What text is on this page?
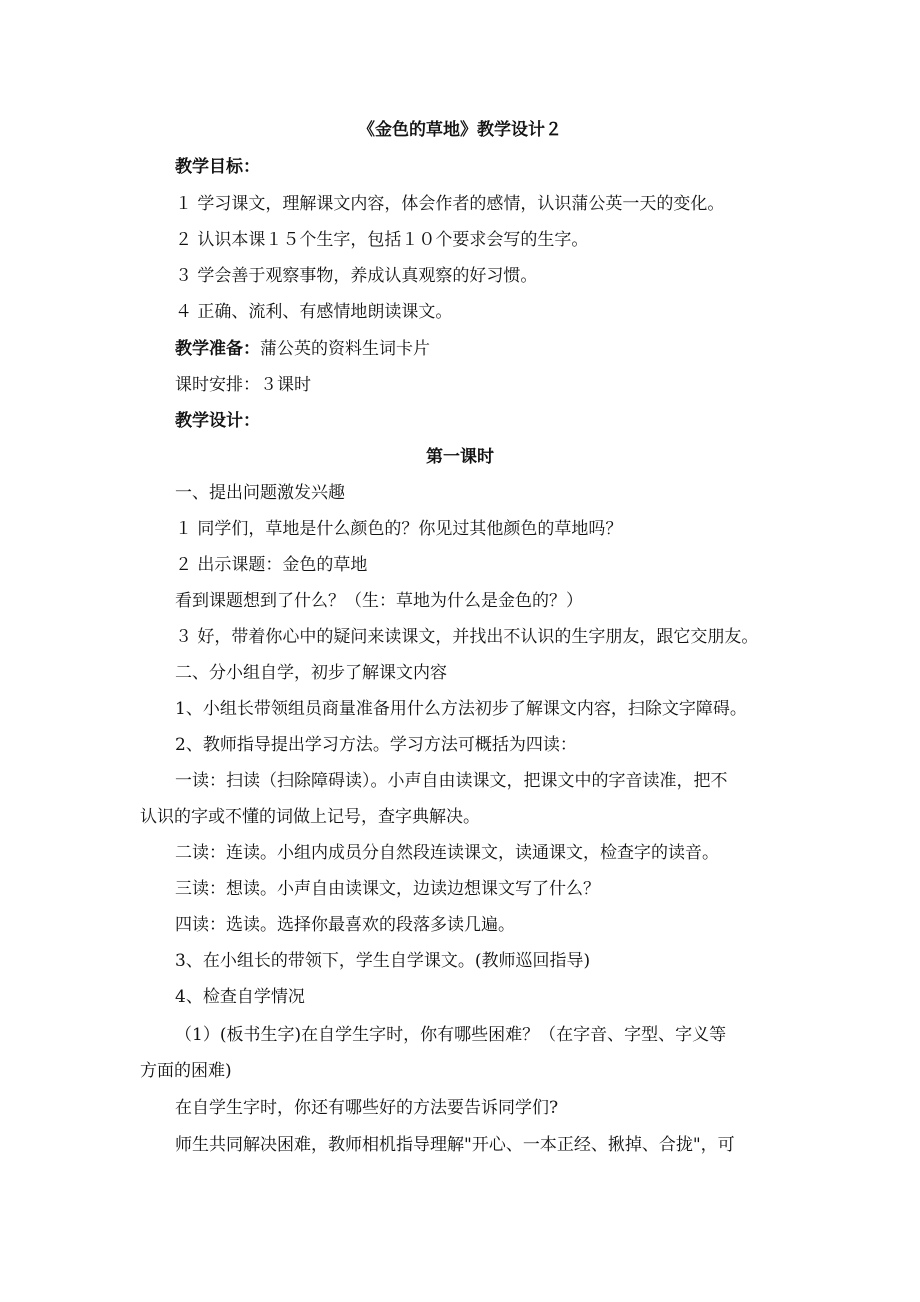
《金色的草地》教学设计２
教学目标：
１ 学习课文，理解课文内容，体会作者的感情，认识蒲公英一天的变化。
２ 认识本课１５个生字，包括１０个要求会写的生字。
３ 学会善于观察事物，养成认真观察的好习惯。
４ 正确、流利、有感情地朗读课文。
教学准备：蒲公英的资料生词卡片
课时安排：３课时
教学设计：
第一课时
一、提出问题激发兴趣
１ 同学们，草地是什么颜色的？你见过其他颜色的草地吗？
２ 出示课题：金色的草地
看到课题想到了什么？（生：草地为什么是金色的？）
３ 好，带着你心中的疑问来读课文，并找出不认识的生字朋友，跟它交朋友。
二、分小组自学，初步了解课文内容
1、小组长带领组员商量准备用什么方法初步了解课文内容，扫除文字障碍。
2、教师指导提出学习方法。学习方法可概括为四读：
一读：扫读（扫除障碍读）。小声自由读课文，把课文中的字音读准，把不
认识的字或不懂的词做上记号，查字典解决。
二读：连读。小组内成员分自然段连读课文，读通课文，检查字的读音。
三读：想读。小声自由读课文，边读边想课文写了什么？
四读：选读。选择你最喜欢的段落多读几遍。
3、在小组长的带领下，学生自学课文。(教师巡回指导)
4、检查自学情况
（1）(板书生字)在自学生字时，你有哪些困难？（在字音、字型、字义等
方面的困难)
在自学生字时，你还有哪些好的方法要告诉同学们?
师生共同解决困难，教师相机指导理解"开心、一本正经、揪掉、合拢"，可
